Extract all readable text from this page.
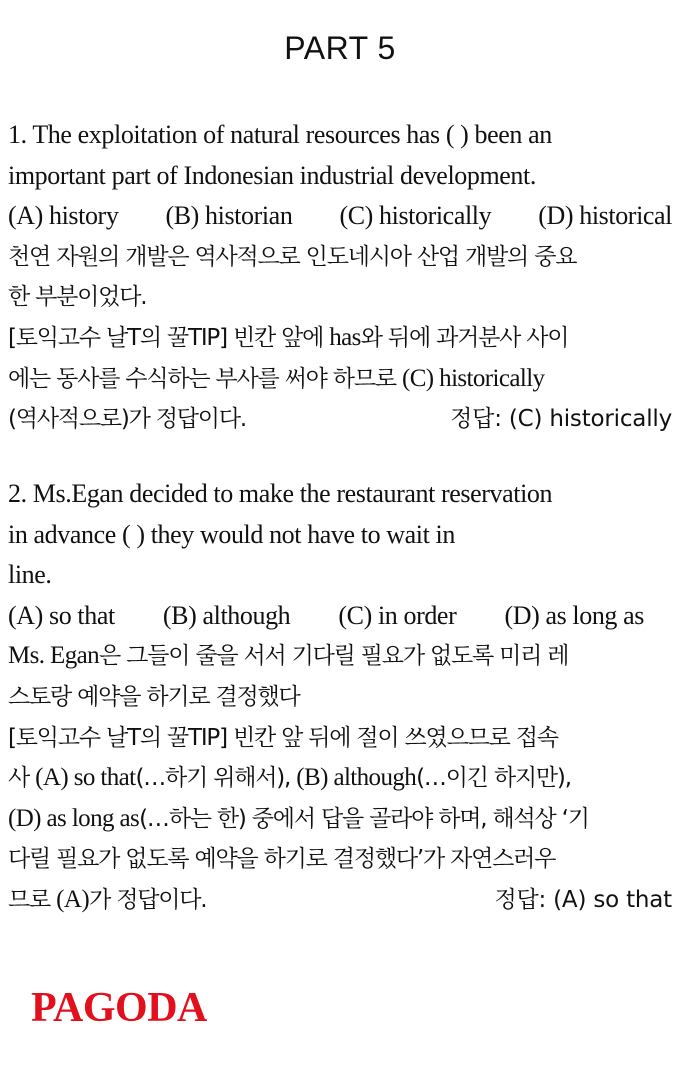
PART 5
1. The exploitation of natural resources has ( ) been an
important part of Indonesian industrial development.
(A) history (B) historian (C) historically (D) historical
천연 자원의 개발은 역사적으로 인도네시아 산업 개발의 중요
한 부분이었다.
[토익고수 날T의 꿀TIP] 빈칸 앞에 has와 뒤에 과거분사 사이
에는 동사를 수식하는 부사를 써야 하므로 (C) historically
(역사적으로)가 정답이다.	정답: (C) historically
2. Ms.Egan decided to make the restaurant reservation
in advance ( ) they would not have to wait in
line.
(A) so that (B) although (C) in order (D) as long as
Ms. Egan은 그들이 줄을 서서 기다릴 필요가 없도록 미리 레
스토랑 예약을 하기로 결정했다
[토익고수 날T의 꿀TIP] 빈칸 앞 뒤에 절이 쓰였으므로 접속
사 (A) so that(…하기 위해서), (B) although(…이긴 하지만),
(D) as long as(…하는 한) 중에서 답을 골라야 하며, 해석상 ‘기
다릴 필요가 없도록 예약을 하기로 결정했다’가 자연스러우
므로 (A)가 정답이다.	정답: (A) so that
PAGODA
